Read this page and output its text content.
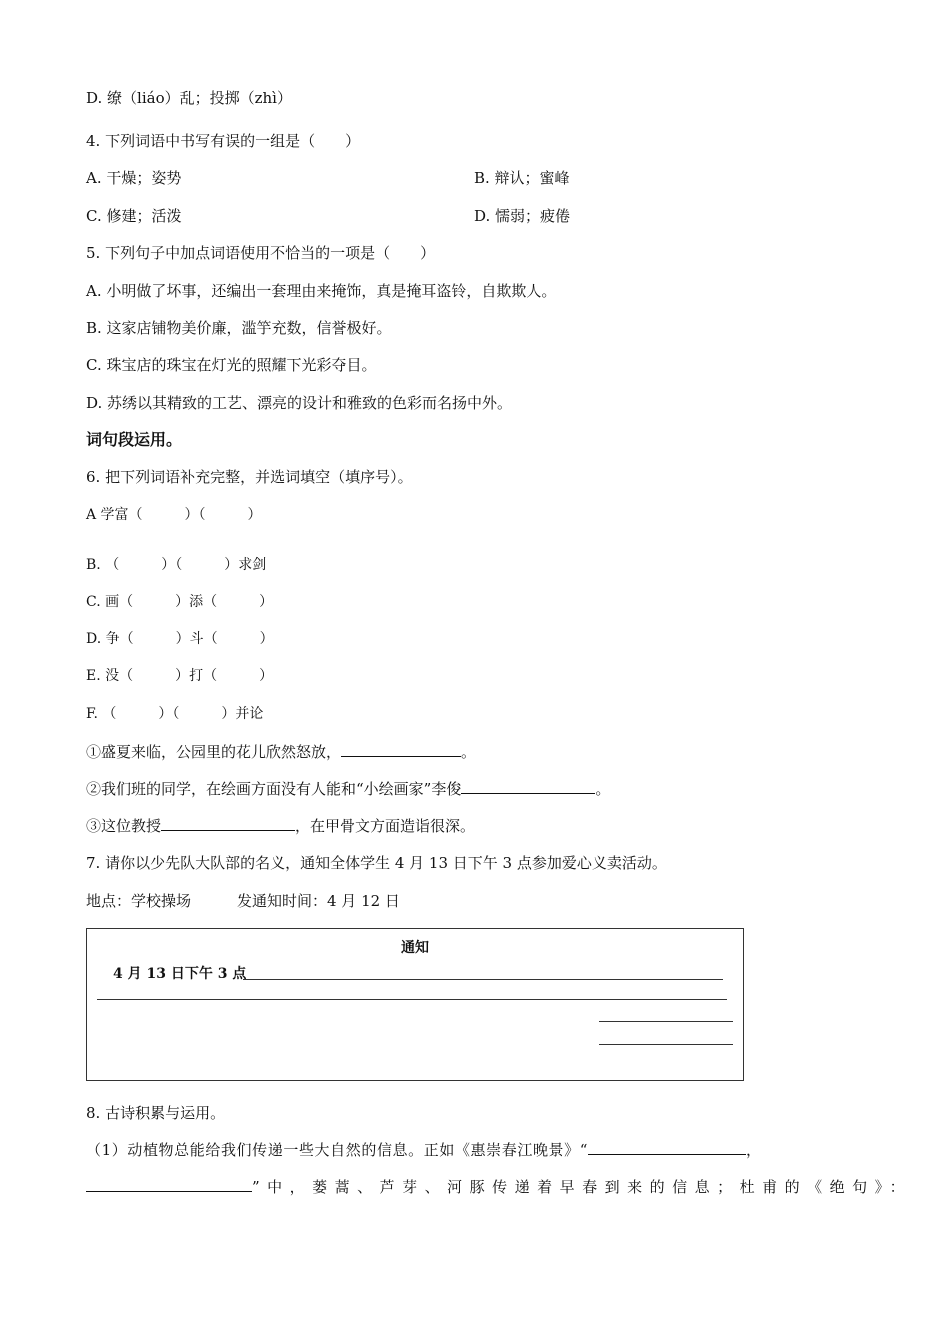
D. 缭（liáo）乱；投掷（zhì）
4. 下列词语中书写有误的一组是（　　）
A. 干燥；姿势	B. 辩认；蜜峰
C. 修建；活泼	D. 懦弱；疲倦
5. 下列句子中加点词语使用不恰当的一项是（　　）
A. 小明做了坏事，还编出一套理由来掩饰，真是掩耳盗铃，自欺欺人。
B. 这家店铺物美价廉，滥竽充数，信誉极好。
C. 珠宝店的珠宝在灯光的照耀下光彩夺目。
D. 苏绣以其精致的工艺、漂亮的设计和雅致的色彩而名扬中外。
词句段运用。
6. 把下列词语补充完整，并选词填空（填序号）。
A 学富（　　　）（　　　）
B. （　　　）（　　　）求剑
C. 画（　　　）添（　　　）
D. 争（　　　）斗（　　　）
E. 没（　　　）打（　　　）
F. （　　　）（　　　）并论
①盛夏来临，公园里的花儿欣然怒放，	。
②我们班的同学，在绘画方面没有人能和“小绘画家”李俊	。
③这位教授	，在甲骨文方面造诣很深。
7. 请你以少先队大队部的名义，通知全体学生 4 月 13 日下午 3 点参加爱心义卖活动。
地点：学校操场	发通知时间：4 月 12 日
通知
4 月 13 日下午 3 点
8. 古诗积累与运用。
（1）动植物总能给我们传递一些大自然的信息。正如《惠崇春江晚景》“	，
”中，蒌蒿、芦芽、河豚传递着早春到来的信息；杜甫的《绝句》：
